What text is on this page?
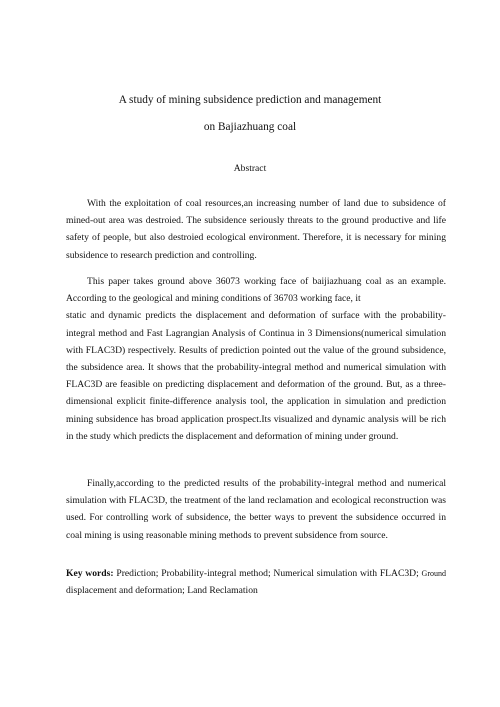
A study of mining subsidence prediction and management
on Bajiazhuang coal
Abstract

With the exploitation of coal resources,an increasing number of land due to subsidence of mined-out area was destroied. The subsidence seriously threats to the ground productive and life safety of people, but also destroied ecological environment. Therefore, it is necessary for mining subsidence to research prediction and controlling.

This paper takes ground above 36073 working face of baijiazhuang coal as an example. According to the geological and mining conditions of 36703 working face, it

static and dynamic predicts the displacement and deformation of surface with the probability-integral method and Fast Lagrangian Analysis of Continua in 3 Dimensions(numerical simulation with FLAC3D) respectively. Results of prediction pointed out the value of the ground subsidence, the subsidence area. It shows that the probability-integral method and numerical simulation with FLAC3D are feasible on predicting displacement and deformation of the ground. But, as a three-dimensional explicit finite-difference analysis tool, the application in simulation and prediction mining subsidence has broad application prospect.Its visualized and dynamic analysis will be rich in the study which predicts the displacement and deformation of mining under ground.

Finally,according to the predicted results of the probability-integral method and numerical simulation with FLAC3D, the treatment of the land reclamation and ecological reconstruction was used. For controlling work of subsidence, the better ways to prevent the subsidence occurred in coal mining is using reasonable mining methods to prevent subsidence from source.

Key words: Prediction; Probability-integral method; Numerical simulation with FLAC3D; Ground displacement and deformation; Land Reclamation
